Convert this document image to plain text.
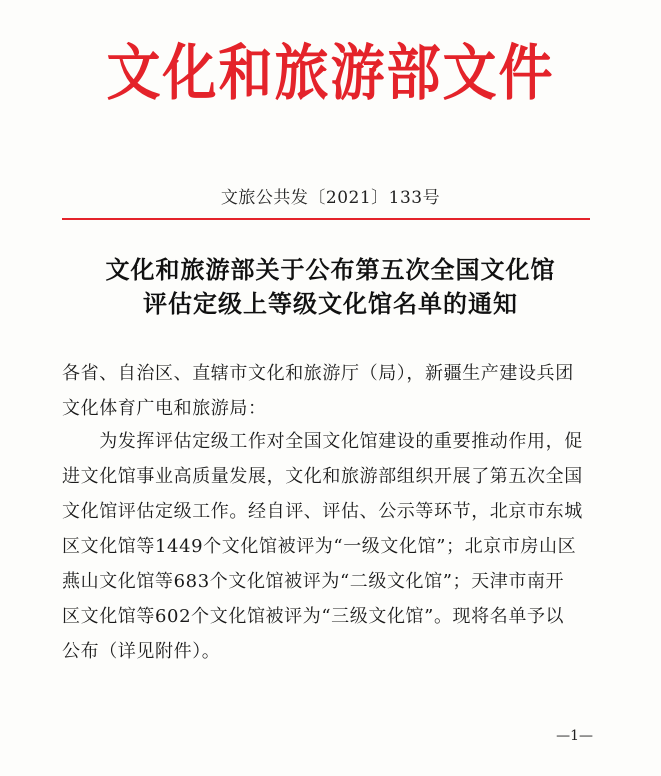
文化和旅游部文件
文旅公共发〔2021〕133号
文化和旅游部关于公布第五次全国文化馆
评估定级上等级文化馆名单的通知

各省、自治区、直辖市文化和旅游厅（局），新疆生产建设兵团
文化体育广电和旅游局：

　　为发挥评估定级工作对全国文化馆建设的重要推动作用，促
进文化馆事业高质量发展，文化和旅游部组织开展了第五次全国
文化馆评估定级工作。经自评、评估、公示等环节，北京市东城
区文化馆等1449个文化馆被评为“一级文化馆”；北京市房山区
燕山文化馆等683个文化馆被评为“二级文化馆”；天津市南开
区文化馆等602个文化馆被评为“三级文化馆”。现将名单予以
公布（详见附件）。

—1—
